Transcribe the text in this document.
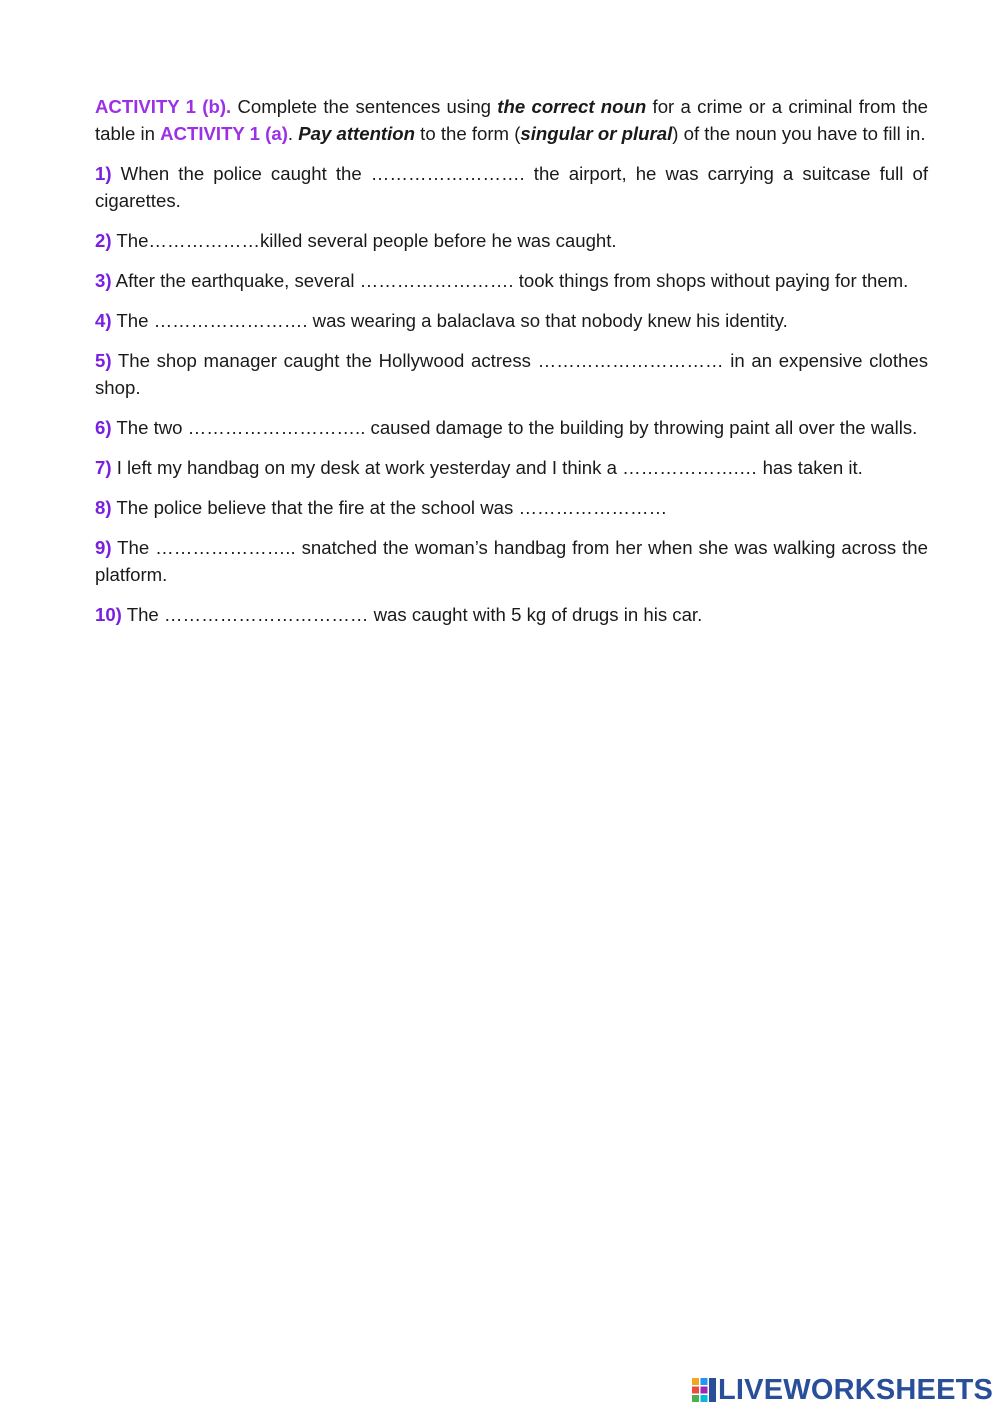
ACTIVITY 1 (b). Complete the sentences using the correct noun for a crime or a criminal from the table in ACTIVITY 1 (a). Pay attention to the form (singular or plural) of the noun you have to fill in.

1) When the police caught the ……………………. the airport, he was carrying a suitcase full of cigarettes.

2) The………………killed several people before he was caught.

3) After the earthquake, several ……………………. took things from shops without paying for them.

4) The ……………………. was wearing a balaclava so that nobody knew his identity.

5) The shop manager caught the Hollywood actress ………………………… in an expensive clothes shop.

6) The two ……………………….. caused damage to the building by throwing paint all over the walls.

7) I left my handbag on my desk at work yesterday and I think a ……………….… has taken it.

8) The police believe that the fire at the school was ……………………

9) The ………………….. snatched the woman’s handbag from her when she was walking across the platform.

10) The …………………………… was caught with 5 kg of drugs in his car.

LIVEWORKSHEETS
